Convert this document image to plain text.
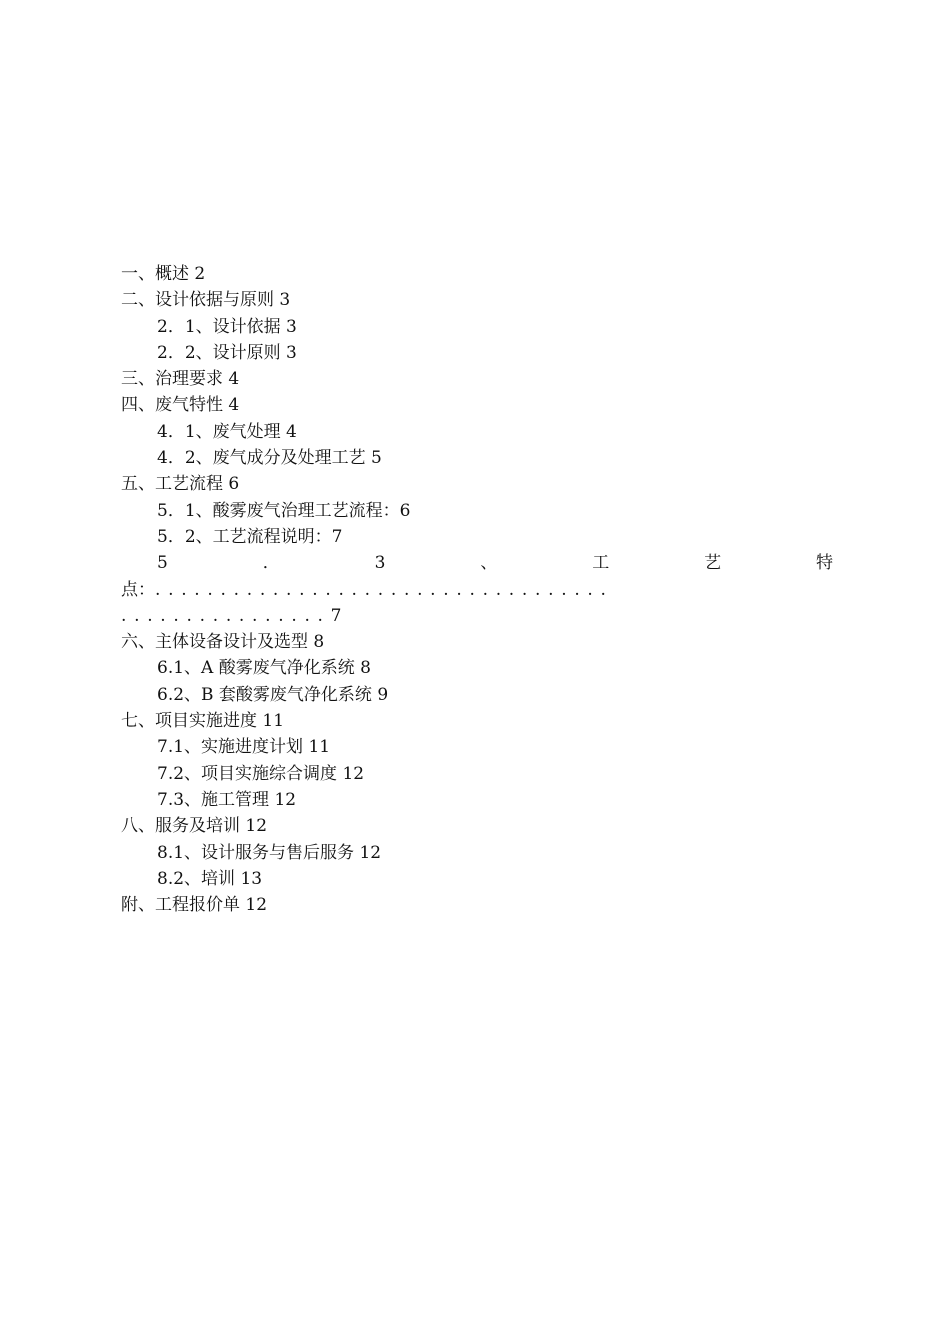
一、概述 2
二、设计依据与原则 3
2．1、设计依据 3
2．2、设计原则 3
三、治理要求 4
四、废气特性 4
4．1、废气处理 4
4．2、废气成分及处理工艺 5
五、工艺流程 6
5．1、酸雾废气治理工艺流程：6
5．2、工艺流程说明：7
5	．	3	、	工	艺	特
点：...................................
................7
六、主体设备设计及选型 8
6.1、A 酸雾废气净化系统 8
6.2、B 套酸雾废气净化系统 9
七、项目实施进度 11
7.1、实施进度计划 11
7.2、项目实施综合调度 12
7.3、施工管理 12
八、服务及培训 12
8.1、设计服务与售后服务 12
8.2、培训 13
附、工程报价单 12
